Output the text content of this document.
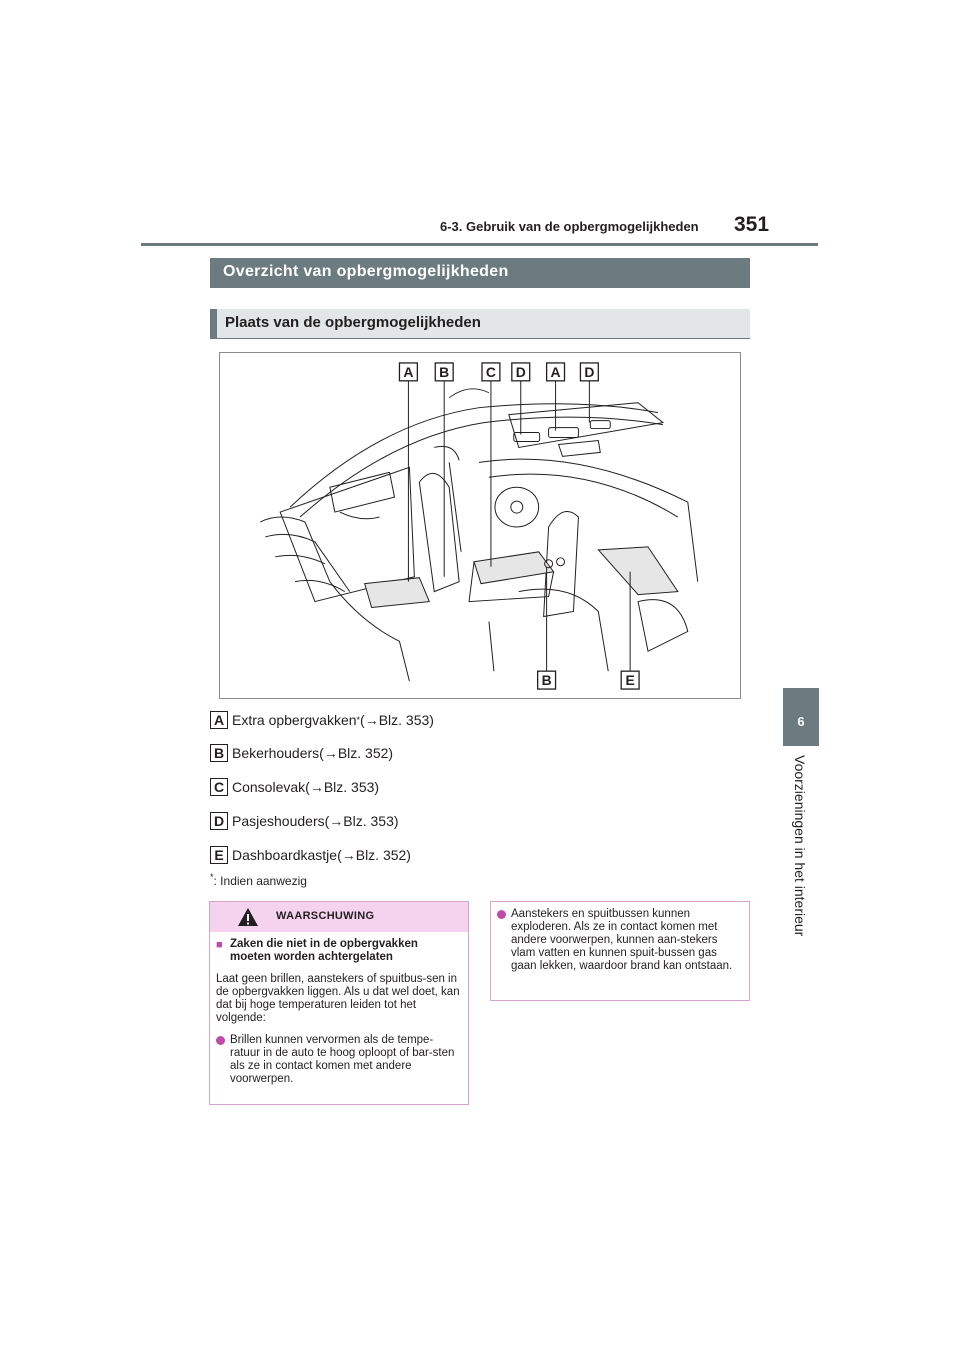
6-3. Gebruik van de opbergmogelijkheden 351
6
Voorzieningen in het interieur
Overzicht van opbergmogelijkheden
Plaats van de opbergmogelijkheden
A B	C D A D
B	E
A Extra opbergvakken * (→Blz. 353)
B Bekerhouders (→Blz. 352)
C Consolevak (→Blz. 353)
D Pasjeshouders (→Blz. 353)
E Dashboardkastje (→Blz. 352)
*: Indien aanwezig
WAARSCHUWING
■ Zaken die niet in de opbergvakken moeten worden achtergelaten
Laat geen brillen, aanstekers of spuitbus-sen in de opbergvakken liggen. Als u dat wel doet, kan dat bij hoge temperaturen leiden tot het volgende:
Brillen kunnen vervormen als de tempe-ratuur in de auto te hoog oploopt of bar-sten als ze in contact komen met andere voorwerpen.
Aanstekers en spuitbussen kunnen exploderen. Als ze in contact komen met andere voorwerpen, kunnen aan-stekers vlam vatten en kunnen spuit-bussen gas gaan lekken, waardoor brand kan ontstaan.
